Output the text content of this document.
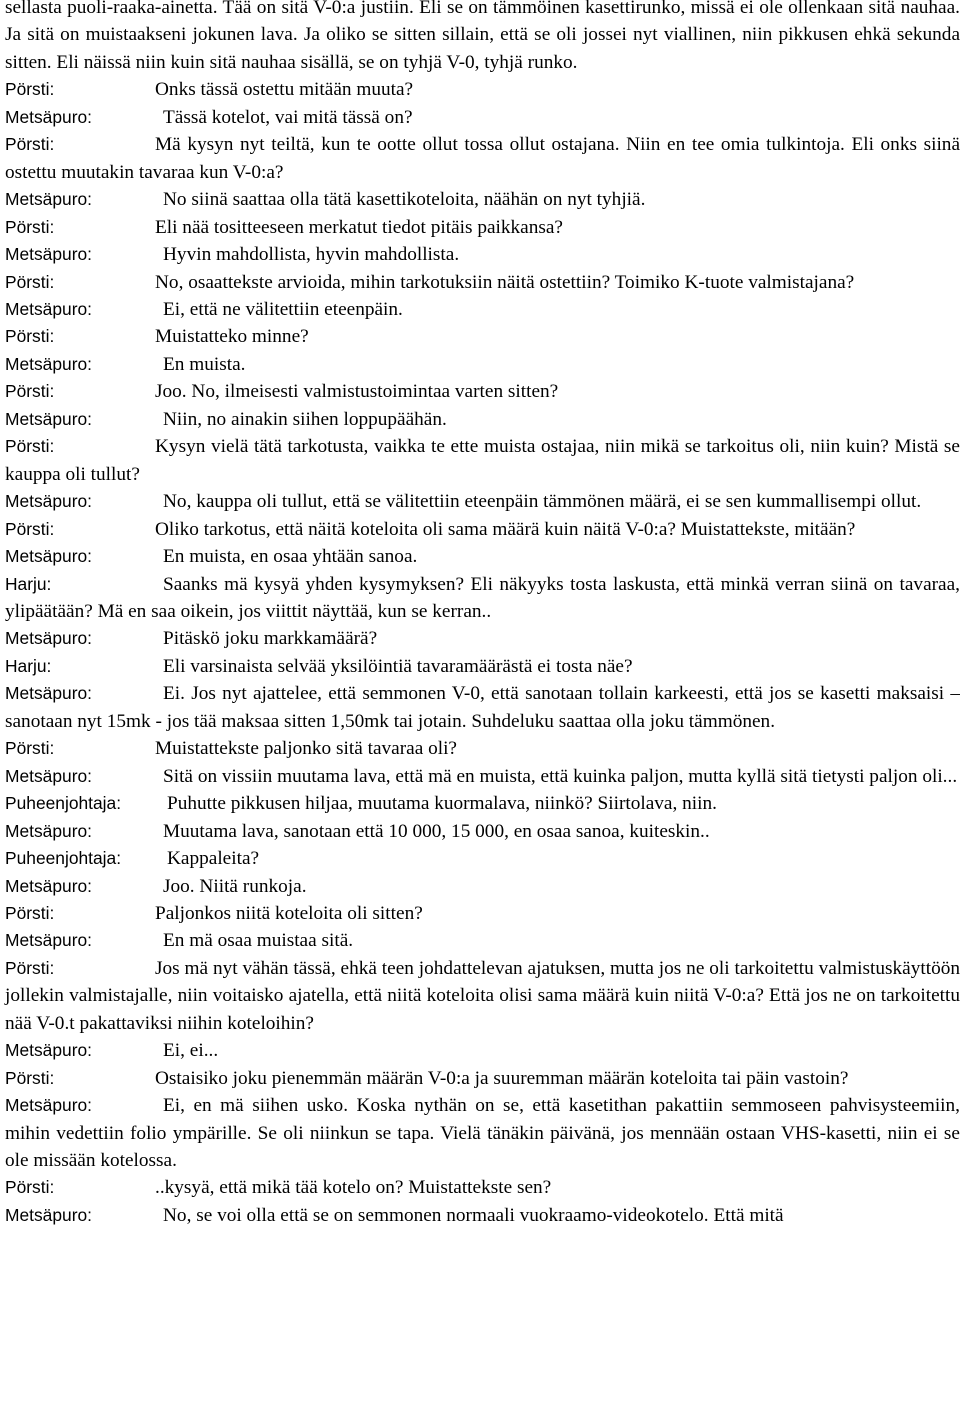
sellasta puoli-raaka-ainetta. Tää on sitä V-0:a justiin. Eli se on tämmöinen kasettirunko, missä ei ole ollenkaan sitä nauhaa. Ja sitä on muistaakseni jokunen lava. Ja oliko se sitten sillain, että se oli jossei nyt viallinen, niin pikkusen ehkä sekunda sitten. Eli näissä niin kuin sitä nauhaa sisällä, se on tyhjä V-0, tyhjä runko.

Pörsti:	Onks tässä ostettu mitään muuta?

Metsäpuro:	Tässä kotelot, vai mitä tässä on?

Pörsti:	Mä kysyn nyt teiltä, kun te ootte ollut tossa ollut ostajana. Niin en tee omia tulkintoja. Eli onks siinä ostettu muutakin tavaraa kun V-0:a?

Metsäpuro:	No siinä saattaa olla tätä kasettikoteloita, näähän on nyt tyhjiä.

Pörsti:	Eli nää tositteeseen merkatut tiedot pitäis paikkansa?

Metsäpuro:	Hyvin mahdollista, hyvin mahdollista.

Pörsti:	No, osaattekste arvioida, mihin tarkotuksiin näitä ostettiin? Toimiko K-tuote valmistajana?

Metsäpuro:	Ei, että ne välitettiin eteenpäin.

Pörsti:	Muistatteko minne?

Metsäpuro:	En muista.

Pörsti:	Joo. No, ilmeisesti valmistustoimintaa varten sitten?

Metsäpuro:	Niin, no ainakin siihen loppupäähän.

Pörsti:	Kysyn vielä tätä tarkotusta, vaikka te ette muista ostajaa, niin mikä se tarkoitus oli, niin kuin? Mistä se kauppa oli tullut?

Metsäpuro:	No, kauppa oli tullut, että se välitettiin eteenpäin tämmönen määrä, ei se sen kummallisempi ollut.

Pörsti:	Oliko tarkotus, että näitä koteloita oli sama määrä kuin näitä V-0:a? Muistattekste, mitään?

Metsäpuro:	En muista, en osaa yhtään sanoa.

Harju:	Saanks mä kysyä yhden kysymyksen? Eli näkyyks tosta laskusta, että minkä verran siinä on tavaraa, ylipäätään? Mä en saa oikein, jos viittit näyttää, kun se kerran..

Metsäpuro:	Pitäskö joku markkamäärä?

Harju:	Eli varsinaista selvää yksilöintiä tavaramäärästä ei tosta näe?

Metsäpuro:	Ei. Jos nyt ajattelee, että semmonen V-0, että sanotaan tollain karkeesti, että jos se kasetti maksaisi – sanotaan nyt 15mk - jos tää maksaa sitten 1,50mk tai jotain. Suhdeluku saattaa olla joku tämmönen.

Pörsti:	Muistattekste paljonko sitä tavaraa oli?

Metsäpuro:	Sitä on vissiin muutama lava, että mä en muista, että kuinka paljon, mutta kyllä sitä tietysti paljon oli...

Puheenjohtaja: Puhutte pikkusen hiljaa, muutama kuormalava, niinkö? Siirtolava, niin.

Metsäpuro:	Muutama lava, sanotaan että 10 000, 15 000, en osaa sanoa, kuiteskin..

Puheenjohtaja: Kappaleita?

Metsäpuro:	Joo. Niitä runkoja.

Pörsti:	Paljonkos niitä koteloita oli sitten?

Metsäpuro:	En mä osaa muistaa sitä.

Pörsti:	Jos mä nyt vähän tässä, ehkä teen johdattelevan ajatuksen, mutta jos ne oli tarkoitettu valmistuskäyttöön jollekin valmistajalle, niin voitaisko ajatella, että niitä koteloita olisi sama määrä kuin niitä V-0:a? Että jos ne on tarkoitettu nää V-0.t pakattaviksi niihin koteloihin?

Metsäpuro:	Ei, ei...

Pörsti:	Ostaisiko joku pienemmän määrän V-0:a ja suuremman määrän koteloita tai päin vastoin?

Metsäpuro:	Ei, en mä siihen usko. Koska nythän on se, että kasetithan pakattiin semmoseen pahvisysteemiin, mihin vedettiin folio ympärille. Se oli niinkun se tapa. Vielä tänäkin päivänä, jos mennään ostaan VHS-kasetti, niin ei se ole missään kotelossa.

Pörsti:	..kysyä, että mikä tää kotelo on? Muistattekste sen?

Metsäpuro:	No, se voi olla että se on semmonen normaali vuokraamo-videokotelo. Että mitä
